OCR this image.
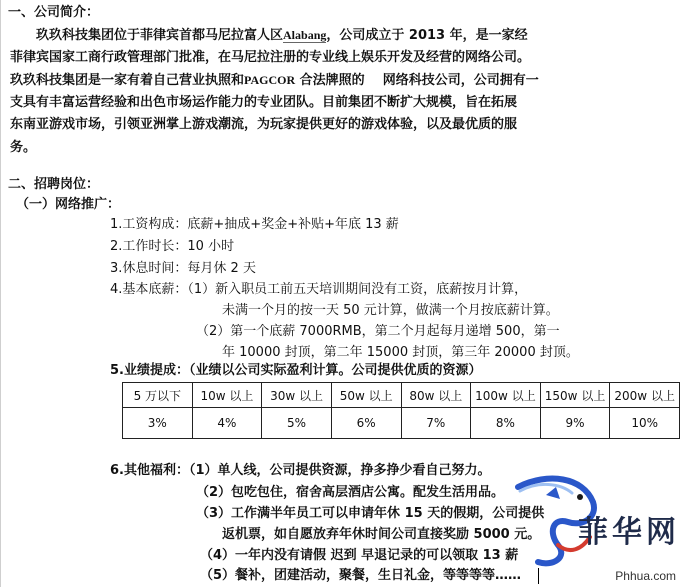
一、公司简介：
玖玖科技集团位于菲律宾首都马尼拉富人区Alabang，公司成立于 2013 年，是一家经
菲律宾国家工商行政管理部门批准，在马尼拉注册的专业线上娱乐开发及经营的网络公司。
玖玖科技集团是一家有着自己营业执照和PAGCOR 合法牌照的 网络科技公司，公司拥有一
支具有丰富运营经验和出色市场运作能力的专业团队。目前集团不断扩大规模，旨在拓展
东南亚游戏市场，引领亚洲掌上游戏潮流，为玩家提供更好的游戏体验，以及最优质的服
务。
二、招聘岗位：
（一）网络推广：
1.工资构成：底薪+抽成+奖金+补贴+年底 13 薪
2.工作时长：10 小时
3.休息时间：每月休 2 天
4.基本底薪：（1）新入职员工前五天培训期间没有工资，底薪按月计算，
未满一个月的按一天 50 元计算，做满一个月按底薪计算。
（2）第一个底薪 7000RMB，第二个月起每月递增 500，第一
年 10000 封顶，第二年 15000 封顶，第三年 20000 封顶。
5.业绩提成：（业绩以公司实际盈利计算。公司提供优质的资源）
5 万以下	10w 以上	30w 以上	50w 以上	80w 以上	100w 以上	150w 以上	200w 以上
3%	4%	5%	6%	7%	8%	9%	10%
6.其他福利：（1）单人线，公司提供资源，挣多挣少看自己努力。
（2）包吃包住，宿舍高层酒店公寓。配发生活用品。
（3）工作满半年员工可以申请年休 15 天的假期，公司提供
返机票，如自愿放弃年休时间公司直接奖励 5000 元。
（4）一年内没有请假 迟到 早退记录的可以领取 13 薪
（5）餐补，团建活动，聚餐，生日礼金，等等等等……
菲华网
Phhua.com
